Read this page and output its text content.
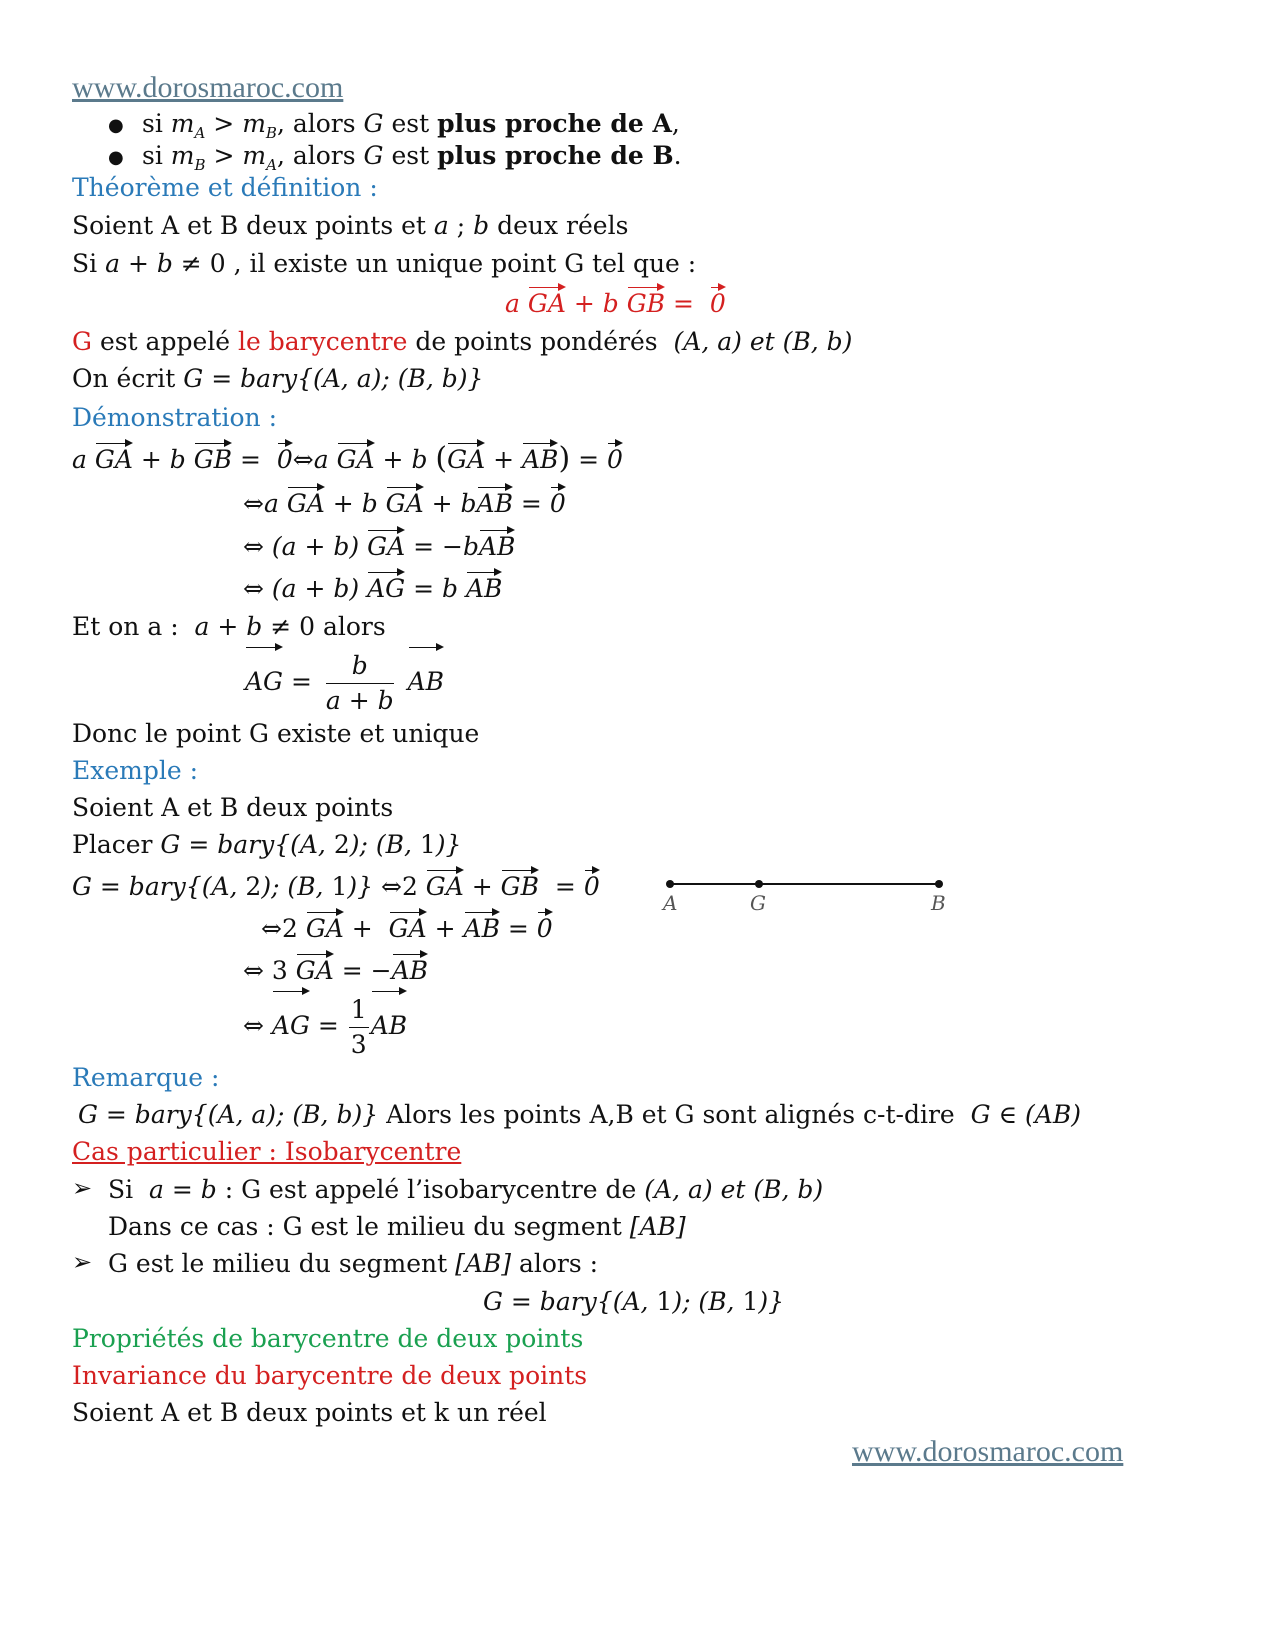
www.dorosmaroc.com
● si $m_A > m_B$, alors G est plus proche de A,
● si $m_B > m_A$, alors G est plus proche de B.
Théorème et définition :
Soient A et B deux points et a ; b deux réels
Si a + b ≠ 0 , il existe un unique point G tel que :
a GA + b GB =  0
G est appelé le barycentre de points pondérés (A, a) et (B, b)
On écrit G = bary{(A, a); (B, b)}
Démonstration :
a GA + b GB =  0⇔a GA + b (GA + AB) = 0
⇔a GA + b GA + bAB = 0
⇔ (a + b) GA = −bAB
⇔ (a + b) AG = b AB
Et on a : a + b ≠ 0 alors
AG = $\frac{b}{a + b}$ AB
Donc le point G existe et unique
Exemple :
Soient A et B deux points
Placer G = bary{(A, 2); (B, 1)}
G = bary{(A, 2); (B, 1)} ⇔2 GA + GB  = 0
⇔2 GA +  GA + AB = 0
⇔ 3 GA = −AB
⇔ AG = $\frac{1}{3}$ AB
A	G	B
Remarque :
G = bary{(A, a); (B, b)} Alors les points A,B et G sont alignés c-t-dire G ∈ (AB)
Cas particulier : Isobarycentre
➢ Si a = b : G est appelé l’isobarycentre de (A, a) et (B, b)
Dans ce cas : G est le milieu du segment [AB]
➢ G est le milieu du segment [AB] alors :
G = bary{(A, 1); (B, 1)}
Propriétés de barycentre de deux points
Invariance du barycentre de deux points
Soient A et B deux points et k un réel
www.dorosmaroc.com
